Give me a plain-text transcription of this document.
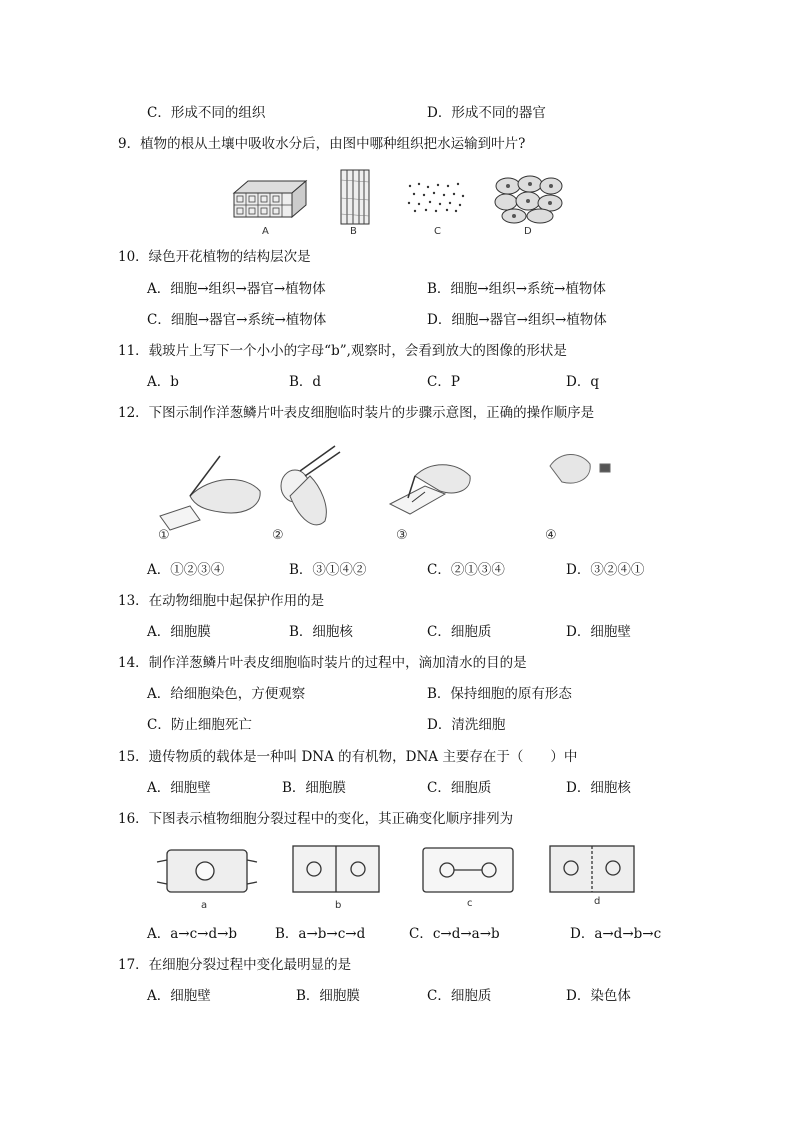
C．形成不同的组织	D．形成不同的器官
9．植物的根从土壤中吸收水分后，由图中哪种组织把水运输到叶片?
A	B	C	D
10．绿色开花植物的结构层次是
A．细胞→组织→器官→植物体	B．细胞→组织→系统→植物体
C．细胞→器官→系统→植物体	D．细胞→器官→组织→植物体
11．载玻片上写下一个小小的字母“b”,观察时，会看到放大的图像的形状是
A．b	B．d	C．P	D．q
12．下图示制作洋葱鳞片叶表皮细胞临时装片的步骤示意图，正确的操作顺序是
①	②	③	④
A．①②③④	B．③①④②	C．②①③④	D．③②④①
13．在动物细胞中起保护作用的是
A．细胞膜	B．细胞核	C．细胞质	D．细胞壁
14．制作洋葱鳞片叶表皮细胞临时装片的过程中，滴加清水的目的是
A．给细胞染色，方便观察	B．保持细胞的原有形态
C．防止细胞死亡	D．清洗细胞
15．遗传物质的载体是一种叫 DNA 的有机物，DNA 主要存在于（　　）中
A．细胞壁	B．细胞膜	C．细胞质	D．细胞核
16．下图表示植物细胞分裂过程中的变化，其正确变化顺序排列为
a	b	c	d
A．a→c→d→b	B．a→b→c→d	C．c→d→a→b	D．a→d→b→c
17．在细胞分裂过程中变化最明显的是
A．细胞壁	B．细胞膜	C．细胞质	D．染色体
